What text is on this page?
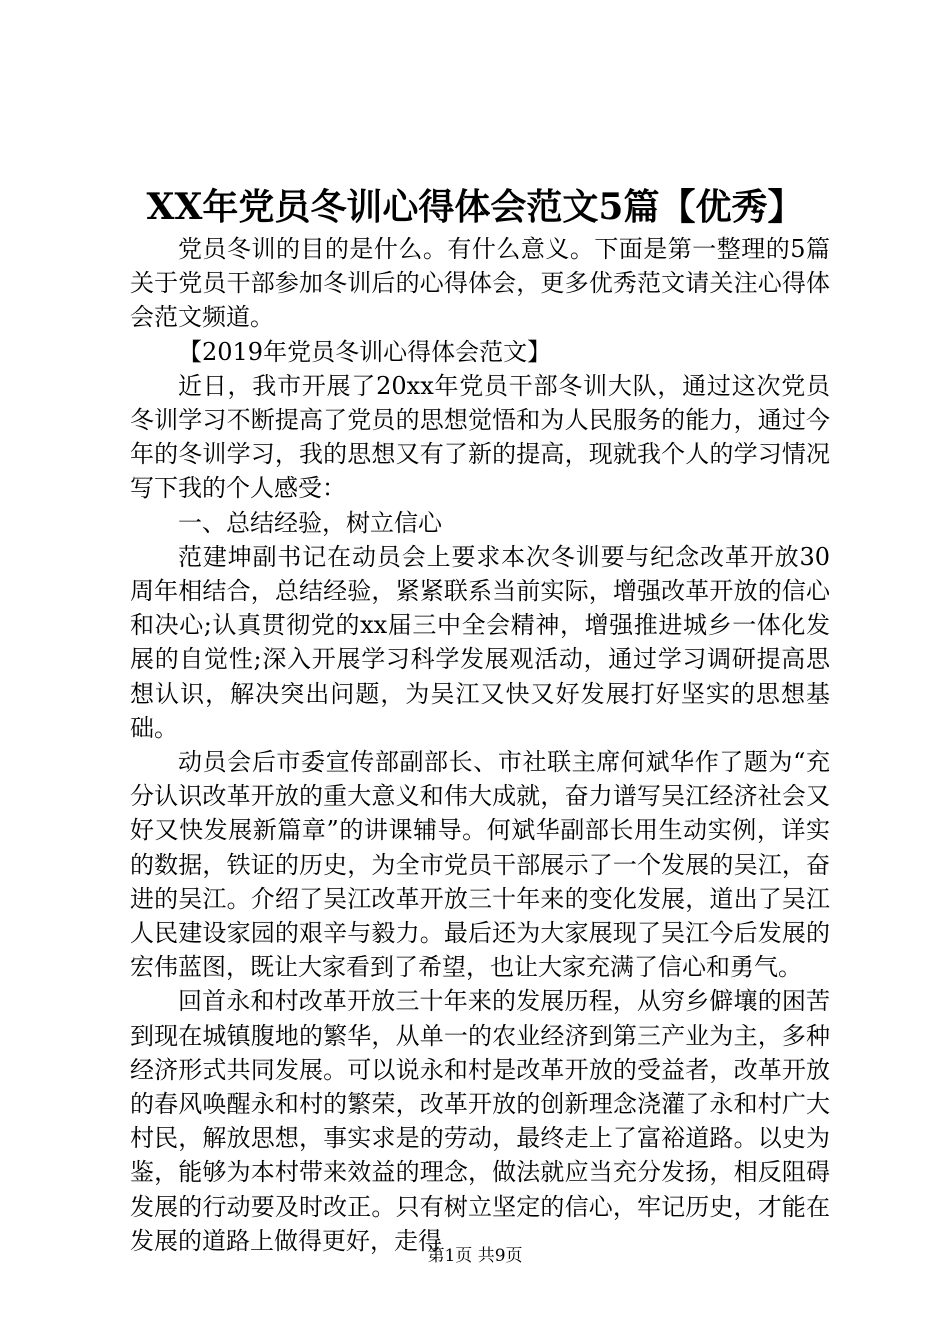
XX年党员冬训心得体会范文5篇【优秀】

党员冬训的目的是什么。有什么意义。下面是第一整理的5篇关于党员干部参加冬训后的心得体会，更多优秀范文请关注心得体会范文频道。

【2019年党员冬训心得体会范文】

近日，我市开展了20xx年党员干部冬训大队，通过这次党员冬训学习不断提高了党员的思想觉悟和为人民服务的能力，通过今年的冬训学习，我的思想又有了新的提高，现就我个人的学习情况写下我的个人感受：

一、总结经验，树立信心

范建坤副书记在动员会上要求本次冬训要与纪念改革开放30周年相结合，总结经验，紧紧联系当前实际，增强改革开放的信心和决心;认真贯彻党的xx届三中全会精神，增强推进城乡一体化发展的自觉性;深入开展学习科学发展观活动，通过学习调研提高思想认识，解决突出问题，为吴江又快又好发展打好坚实的思想基础。

动员会后市委宣传部副部长、市社联主席何斌华作了题为“充分认识改革开放的重大意义和伟大成就，奋力谱写吴江经济社会又好又快发展新篇章”的讲课辅导。何斌华副部长用生动实例，详实的数据，铁证的历史，为全市党员干部展示了一个发展的吴江，奋进的吴江。介绍了吴江改革开放三十年来的变化发展，道出了吴江人民建设家园的艰辛与毅力。最后还为大家展现了吴江今后发展的宏伟蓝图，既让大家看到了希望，也让大家充满了信心和勇气。

回首永和村改革开放三十年来的发展历程，从穷乡僻壤的困苦到现在城镇腹地的繁华，从单一的农业经济到第三产业为主，多种经济形式共同发展。可以说永和村是改革开放的受益者，改革开放的春风唤醒永和村的繁荣，改革开放的创新理念浇灌了永和村广大村民，解放思想，事实求是的劳动，最终走上了富裕道路。以史为鉴，能够为本村带来效益的理念，做法就应当充分发扬，相反阻碍发展的行动要及时改正。只有树立坚定的信心，牢记历史，才能在发展的道路上做得更好，走得

第1页 共9页
